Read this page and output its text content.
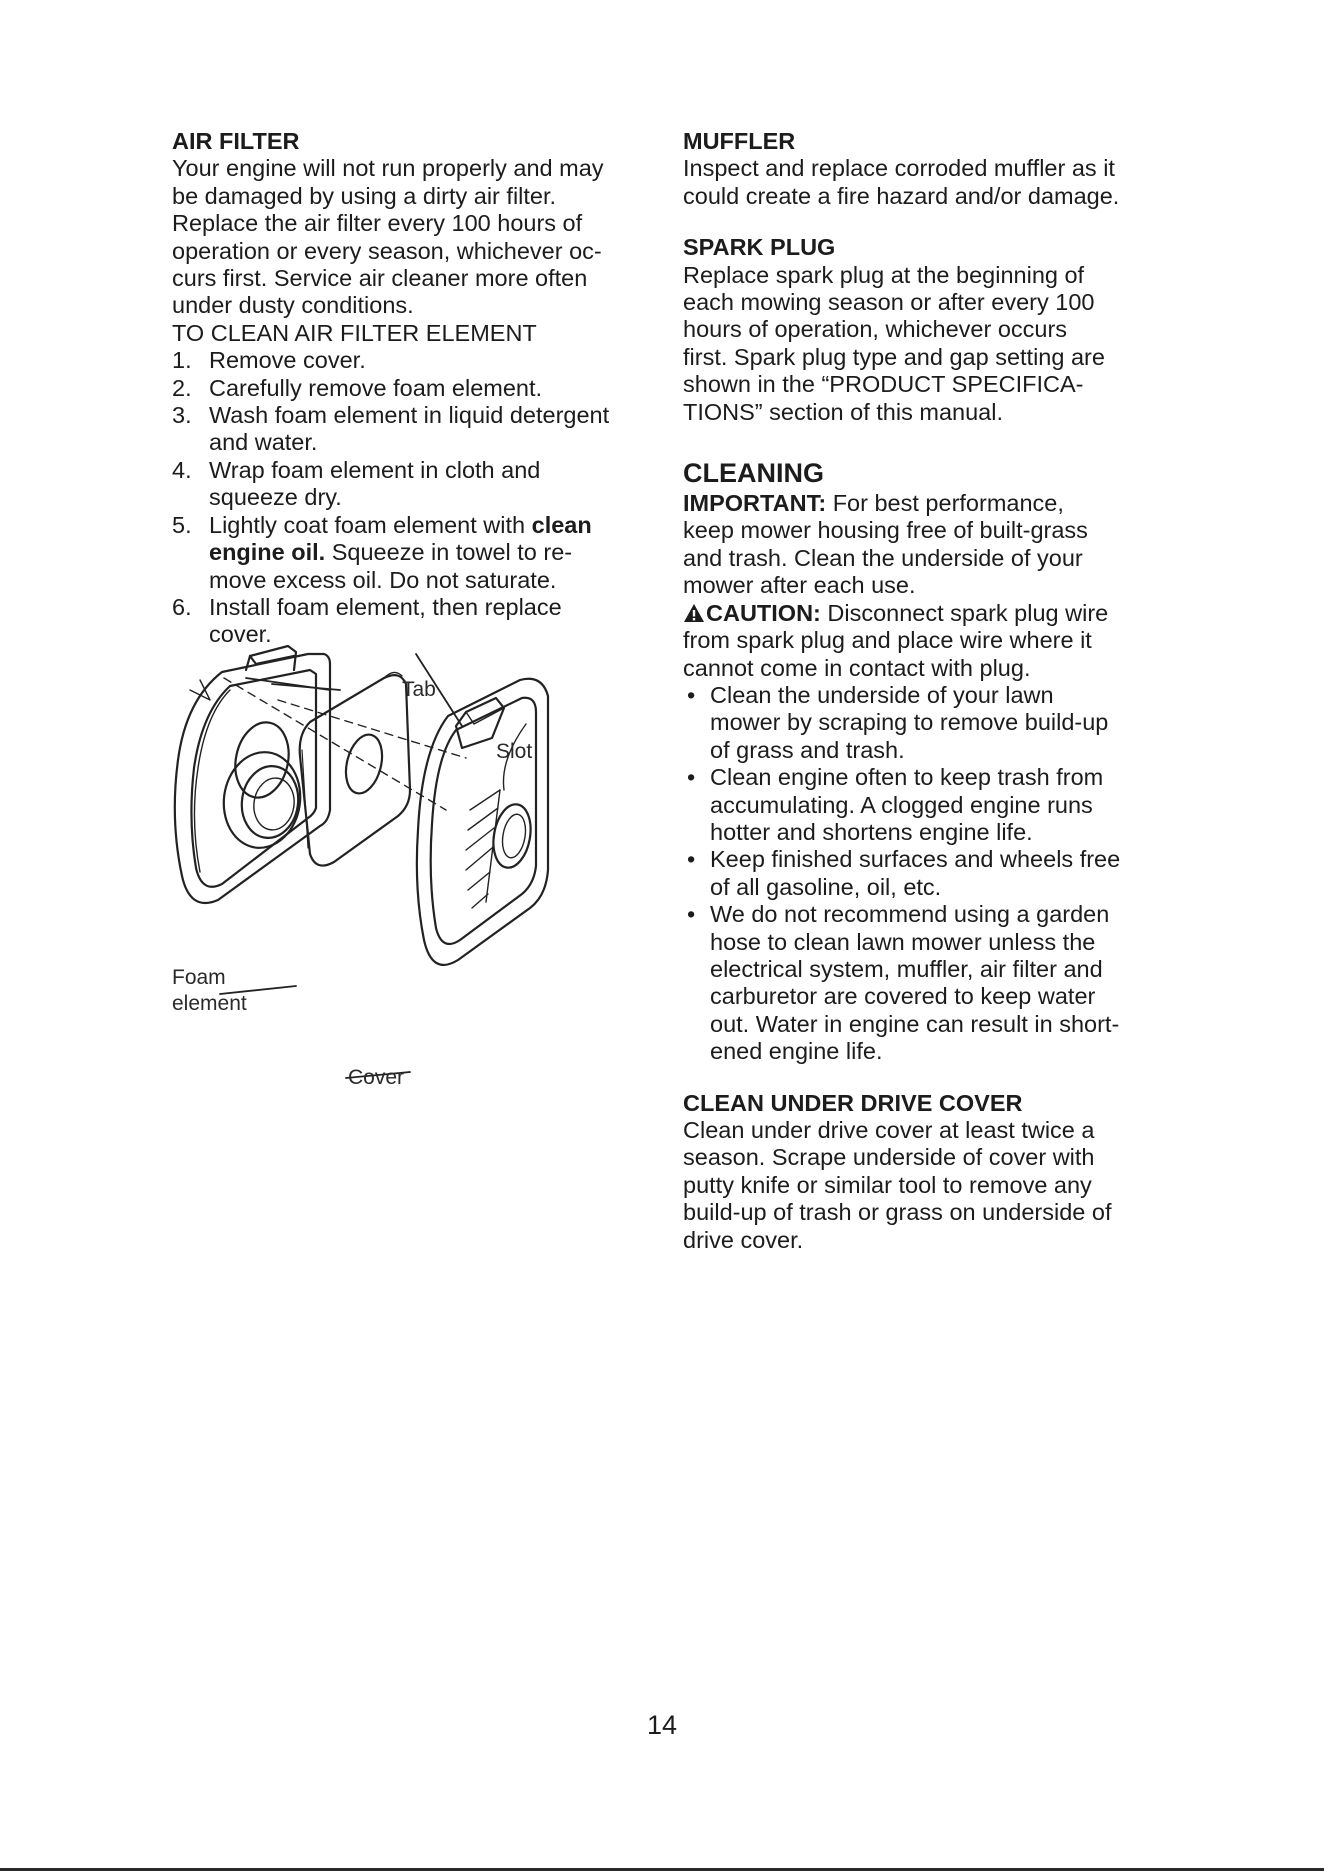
AIR FILTER

Your engine will not run properly and may
be damaged by using a dirty air filter.
Replace the air filter every 100 hours of
operation or every season, whichever oc-
curs first. Service air cleaner more often
under dusty conditions.

TO CLEAN AIR FILTER ELEMENT

1. Remove cover.
2. Carefully remove foam element.
3. Wash foam element in liquid detergent
and water.
4. Wrap foam element in cloth and
squeeze dry.
5. Lightly coat foam element with clean
engine oil. Squeeze in towel to re-
move excess oil. Do not saturate.
6. Install foam element, then replace
cover.
Tab
Slot
Foam
element
Cover
MUFFLER

Inspect and replace corroded muffler as it
could create a fire hazard and/or damage.

SPARK PLUG

Replace spark plug at the beginning of
each mowing season or after every 100
hours of operation, whichever occurs
first. Spark plug type and gap setting are
shown in the “PRODUCT SPECIFICA-
TIONS” section of this manual.

CLEANING

IMPORTANT: For best performance,
keep mower housing free of built-grass
and trash. Clean the underside of your
mower after each use.

CAUTION: Disconnect spark plug wire
from spark plug and place wire where it
cannot come in contact with plug.

• Clean the underside of your lawn
mower by scraping to remove build-up
of grass and trash.
• Clean engine often to keep trash from
accumulating. A clogged engine runs
hotter and shortens engine life.
• Keep finished surfaces and wheels free
of all gasoline, oil, etc.
• We do not recommend using a garden
hose to clean lawn mower unless the
electrical system, muffler, air filter and
carburetor are covered to keep water
out. Water in engine can result in short-
ened engine life.
CLEAN UNDER DRIVE COVER

Clean under drive cover at least twice a
season. Scrape underside of cover with
putty knife or similar tool to remove any
build-up of trash or grass on underside of
drive cover.

14
